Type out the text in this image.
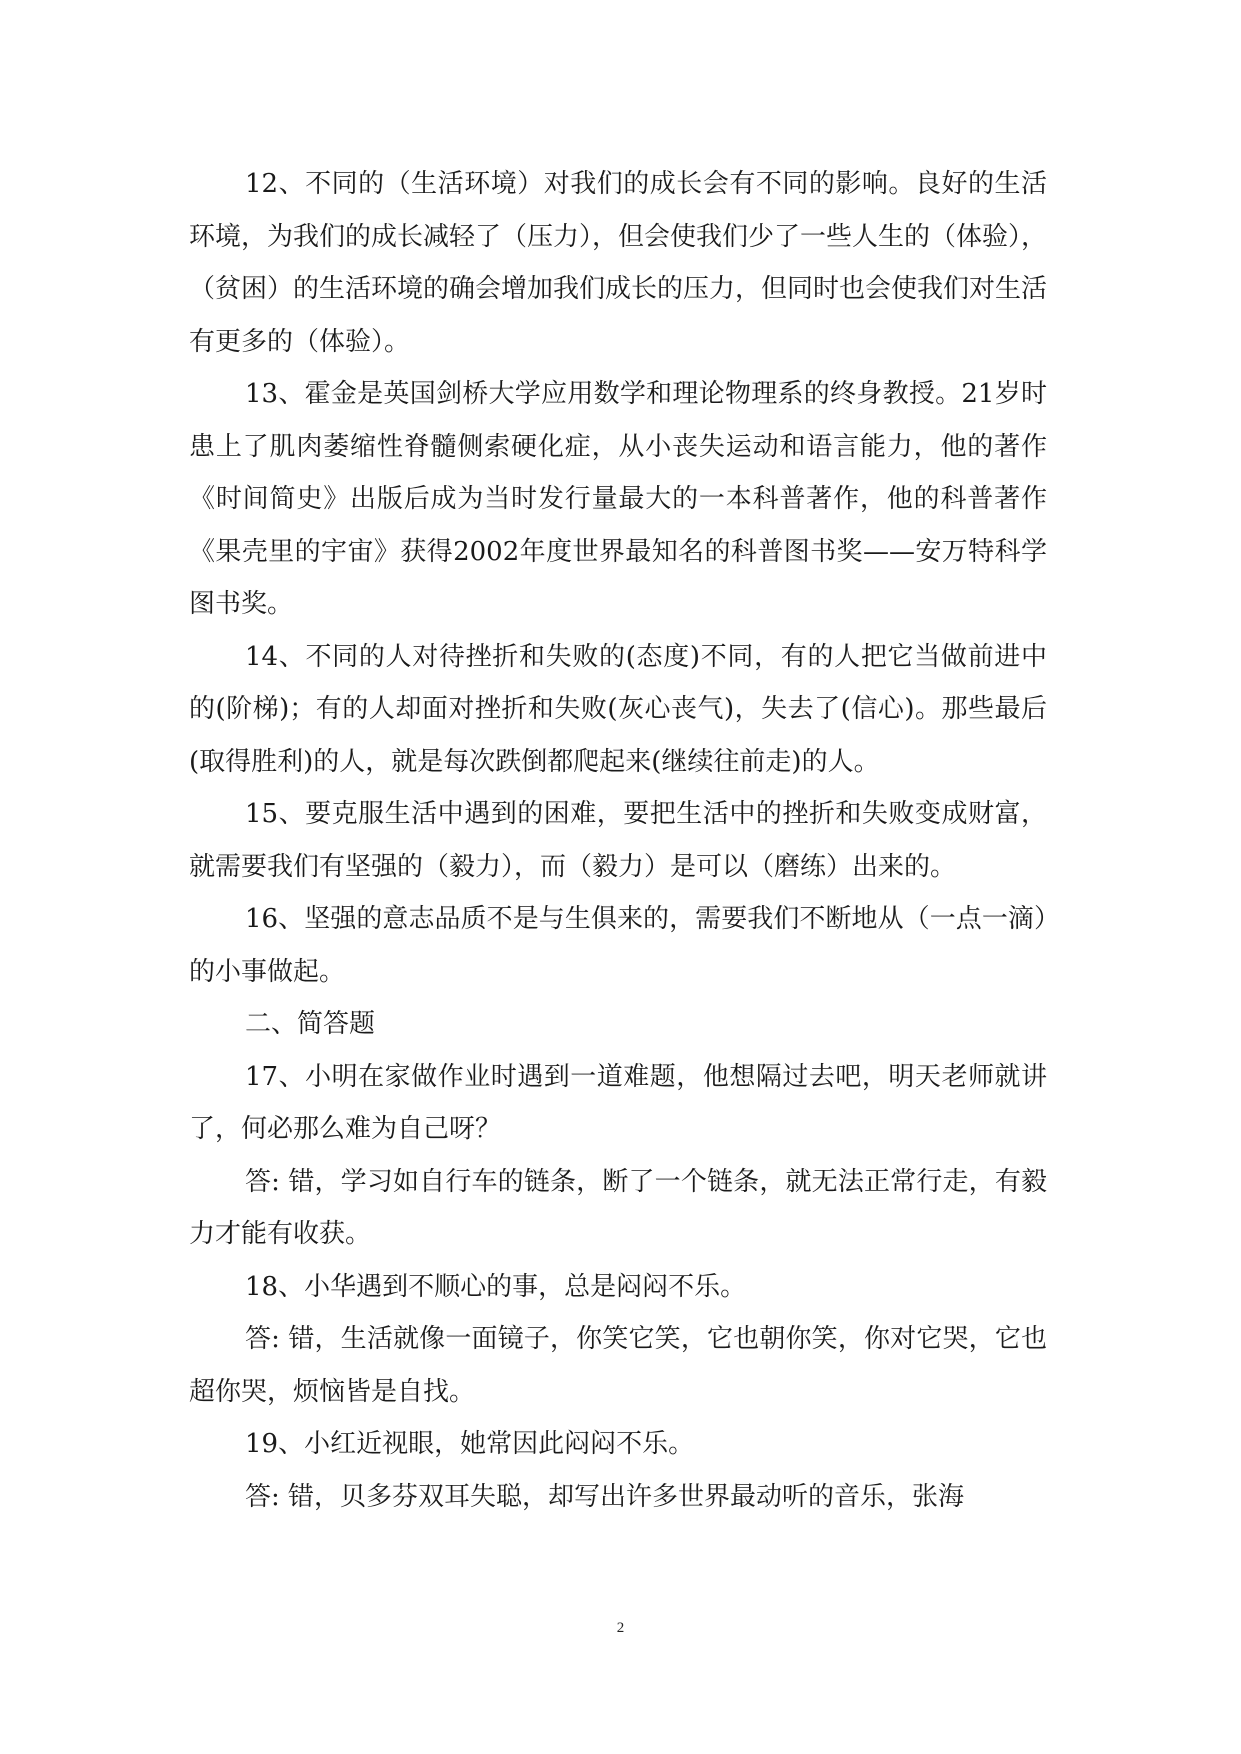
12、不同的（生活环境）对我们的成长会有不同的影响。良好的生活环境，为我们的成长减轻了（压力），但会使我们少了一些人生的（体验），（贫困）的生活环境的确会增加我们成长的压力，但同时也会使我们对生活有更多的（体验）。

13、霍金是英国剑桥大学应用数学和理论物理系的终身教授。21岁时患上了肌肉萎缩性脊髓侧索硬化症，从小丧失运动和语言能力，他的著作《时间简史》出版后成为当时发行量最大的一本科普著作，他的科普著作《果壳里的宇宙》获得2002年度世界最知名的科普图书奖——安万特科学图书奖。

14、不同的人对待挫折和失败的(态度)不同，有的人把它当做前进中的(阶梯)；有的人却面对挫折和失败(灰心丧气)，失去了(信心)。那些最后(取得胜利)的人，就是每次跌倒都爬起来(继续往前走)的人。

15、要克服生活中遇到的困难，要把生活中的挫折和失败变成财富，就需要我们有坚强的（毅力），而（毅力）是可以（磨练）出来的。

16、坚强的意志品质不是与生俱来的，需要我们不断地从（一点一滴）的小事做起。

二、简答题

17、小明在家做作业时遇到一道难题，他想隔过去吧，明天老师就讲了，何必那么难为自己呀？

答: 错，学习如自行车的链条，断了一个链条，就无法正常行走，有毅力才能有收获。

18、小华遇到不顺心的事，总是闷闷不乐。

答: 错，生活就像一面镜子，你笑它笑，它也朝你笑，你对它哭，它也超你哭，烦恼皆是自找。

19、小红近视眼，她常因此闷闷不乐。

答: 错，贝多芬双耳失聪，却写出许多世界最动听的音乐，张海

2
